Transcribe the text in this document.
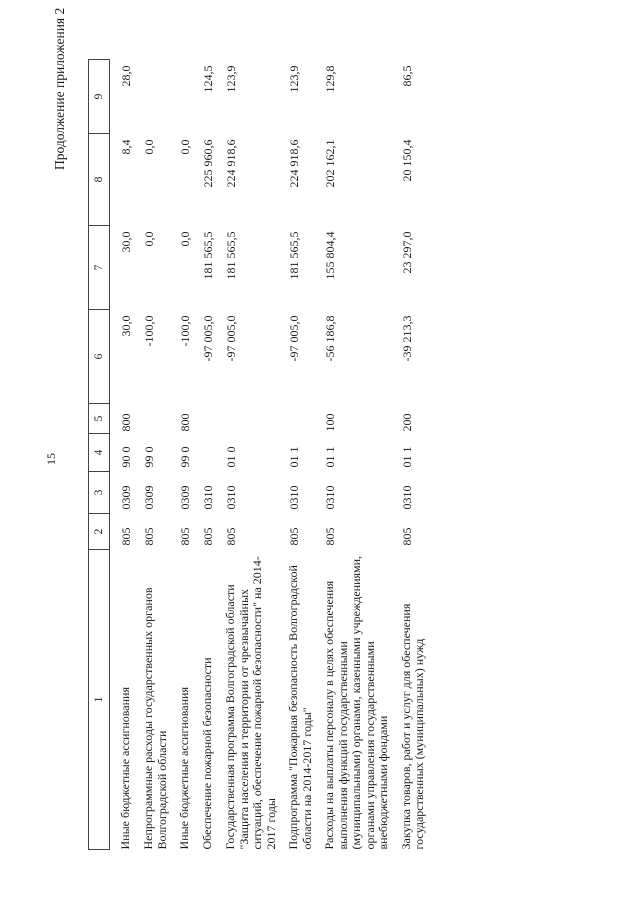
15
Продолжение приложения 2
1	2	3	4	5	6	7	8	9
Иные бюджетные ассигнования	805	0309	90 0	800	30,0	30,0	8,4	28,0
Непрограммные расходы государственных органов Волгоградской области	805	0309	99 0		-100,0	0,0	0,0	
Иные бюджетные ассигнования	805	0309	99 0	800	-100,0	0,0	0,0	
Обеспечение пожарной безопасности	805	0310			-97 005,0	181 565,5	225 960,6	124,5
Государственная программа Волгоградской области "Защита населения и территории от чрезвычайных ситуаций, обеспечение пожарной безопасности" на 2014-2017 годы	805	0310	01 0		-97 005,0	181 565,5	224 918,6	123,9
Подпрограмма "Пожарная безопасность Волгоградской области на 2014-2017 годы"	805	0310	01 1		-97 005,0	181 565,5	224 918,6	123,9
Расходы на выплаты персоналу в целях обеспечения выполнения функций государственными (муниципальными) органами, казенными учреждениями, органами управления государственными внебюджетными фондами	805	0310	01 1	100	-56 186,8	155 804,4	202 162,1	129,8
Закупка товаров, работ и услуг для обеспечения государственных (муниципальных) нужд	805	0310	01 1	200	-39 213,3	23 297,0	20 150,4	86,5
